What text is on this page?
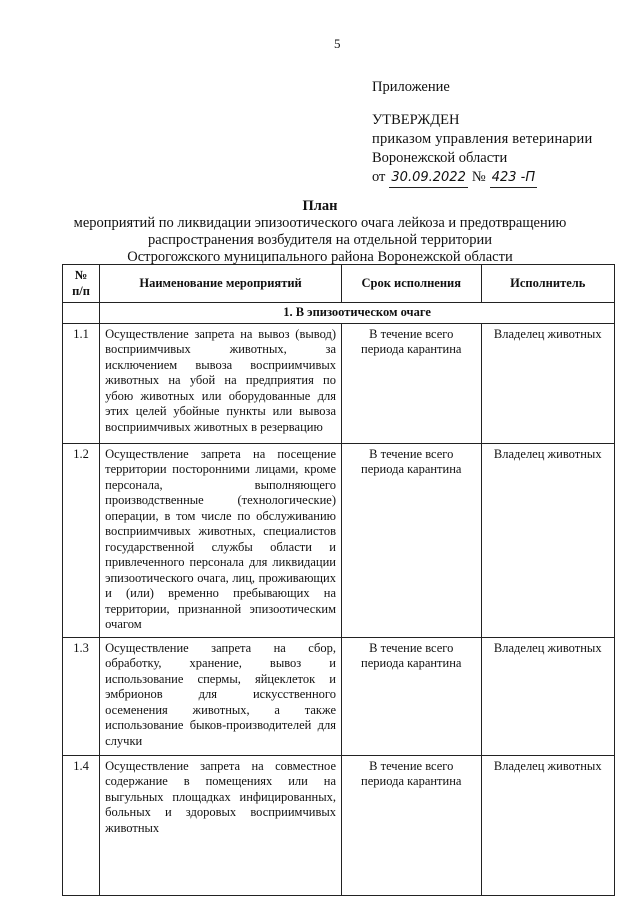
5
Приложение
УТВЕРЖДЕН
приказом управления ветеринарии
Воронежской области
от 30.09.2022 № 423 -П
План
мероприятий по ликвидации эпизоотического очага лейкоза и предотвращению
распространения возбудителя на отдельной территории
Острогожского муниципального района Воронежской области
№ п/п	Наименование мероприятий	Срок исполнения	Исполнитель
	1. В эпизоотическом очаге		
1.1	Осуществление запрета на вывоз (вывод) восприимчивых животных, за исключением вывоза восприимчивых животных на убой на предприятия по убою животных или оборудованные для этих целей убойные пункты или вывоза восприимчивых животных в резервацию	В течение всего периода карантина	Владелец животных
1.2	Осуществление запрета на посещение территории посторонними лицами, кроме персонала, выполняющего производственные (технологические) операции, в том числе по обслуживанию восприимчивых животных, специалистов государственной службы области и привлеченного персонала для ликвидации эпизоотического очага, лиц, проживающих и (или) временно пребывающих на территории, признанной эпизоотическим очагом	В течение всего периода карантина	Владелец животных
1.3	Осуществление запрета на сбор, обработку, хранение, вывоз и использование спермы, яйцеклеток и эмбрионов для искусственного осеменения животных, а также использование быков-производителей для случки	В течение всего периода карантина	Владелец животных
1.4	Осуществление запрета на совместное содержание в помещениях или на выгульных площадках инфицированных, больных и здоровых восприимчивых животных	В течение всего периода карантина	Владелец животных
